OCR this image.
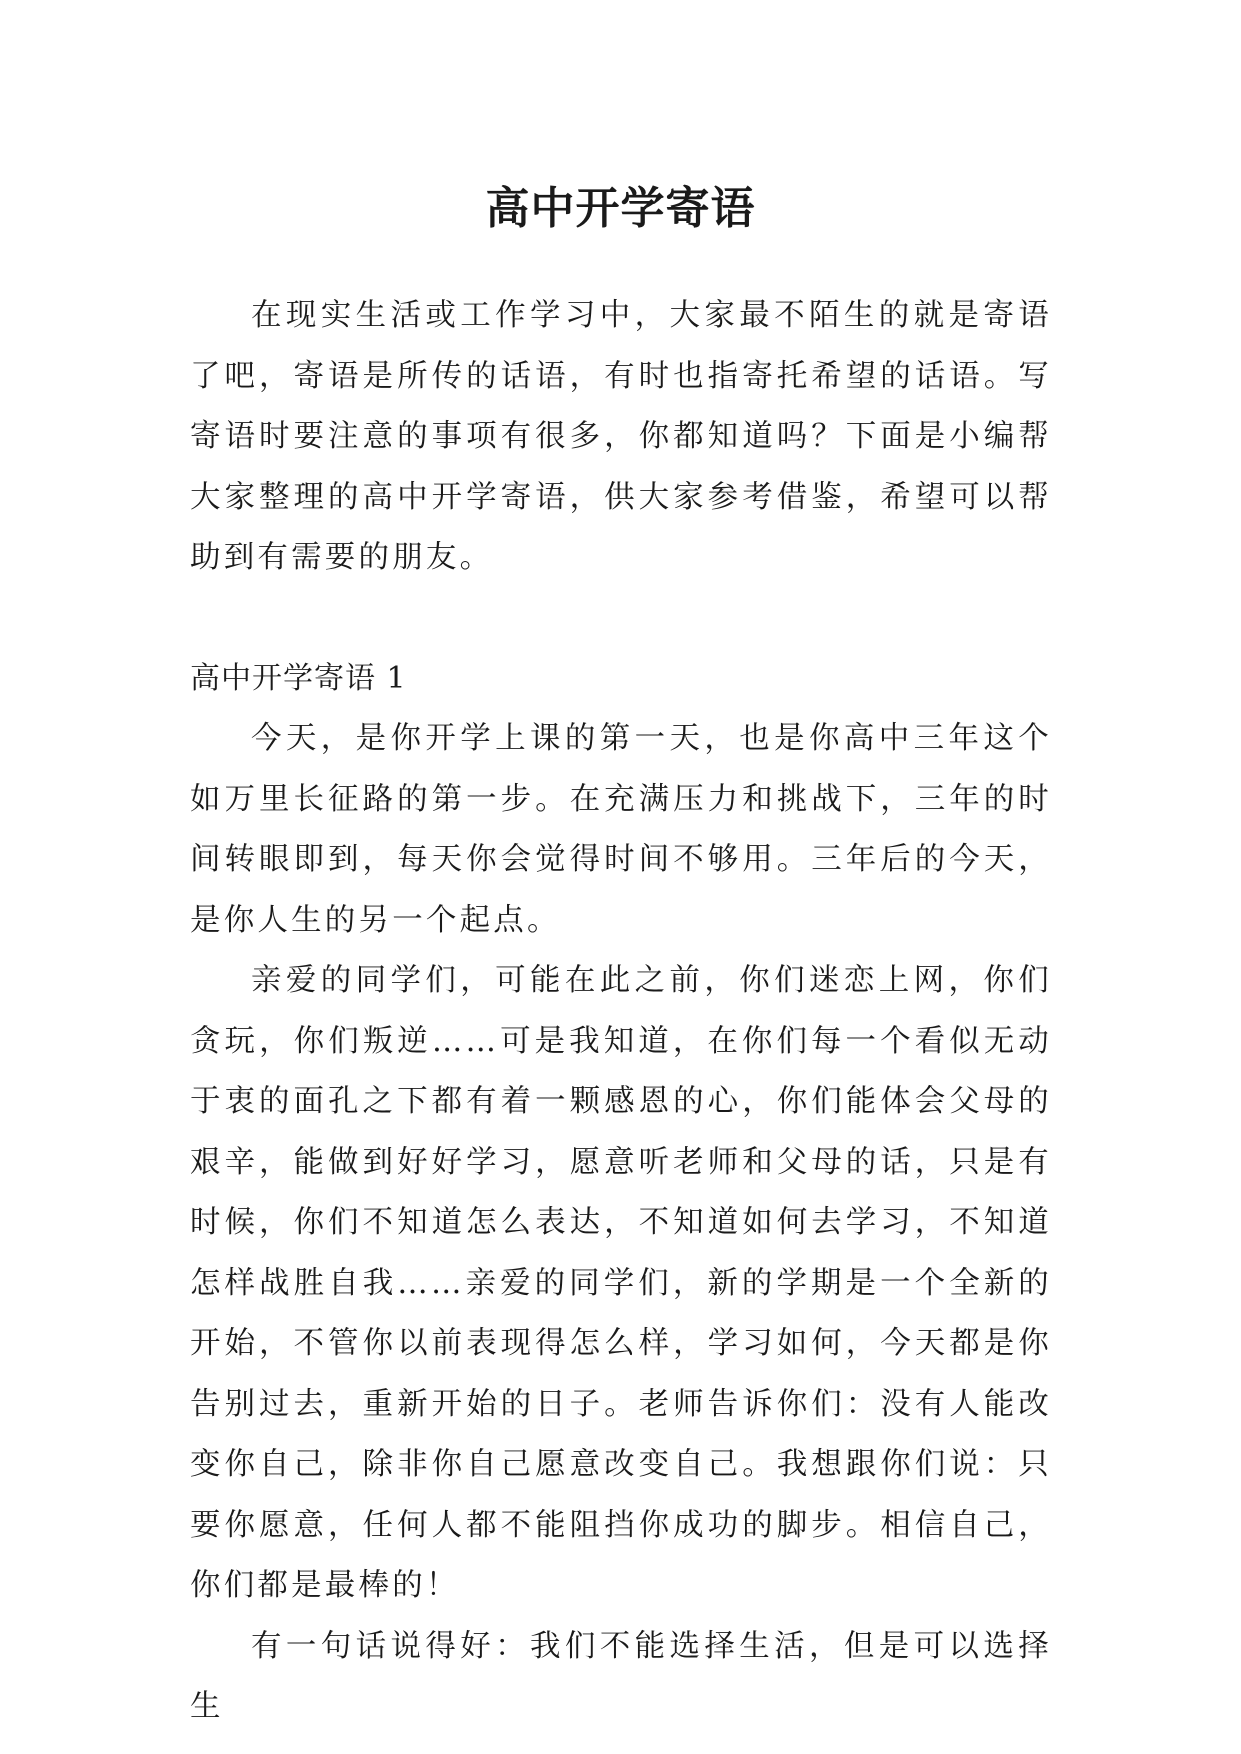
高中开学寄语

在现实生活或工作学习中，大家最不陌生的就是寄语了吧，寄语是所传的话语，有时也指寄托希望的话语。写寄语时要注意的事项有很多，你都知道吗？下面是小编帮大家整理的高中开学寄语，供大家参考借鉴，希望可以帮助到有需要的朋友。

高中开学寄语 1

今天，是你开学上课的第一天，也是你高中三年这个如万里长征路的第一步。在充满压力和挑战下，三年的时间转眼即到，每天你会觉得时间不够用。三年后的今天，是你人生的另一个起点。

亲爱的同学们，可能在此之前，你们迷恋上网，你们贪玩，你们叛逆……可是我知道，在你们每一个看似无动于衷的面孔之下都有着一颗感恩的心，你们能体会父母的艰辛，能做到好好学习，愿意听老师和父母的话，只是有时候，你们不知道怎么表达，不知道如何去学习，不知道怎样战胜自我……亲爱的同学们，新的学期是一个全新的开始，不管你以前表现得怎么样，学习如何，今天都是你告别过去，重新开始的日子。老师告诉你们：没有人能改变你自己，除非你自己愿意改变自己。我想跟你们说：只要你愿意，任何人都不能阻挡你成功的脚步。相信自己，你们都是最棒的！

有一句话说得好：我们不能选择生活，但是可以选择生
